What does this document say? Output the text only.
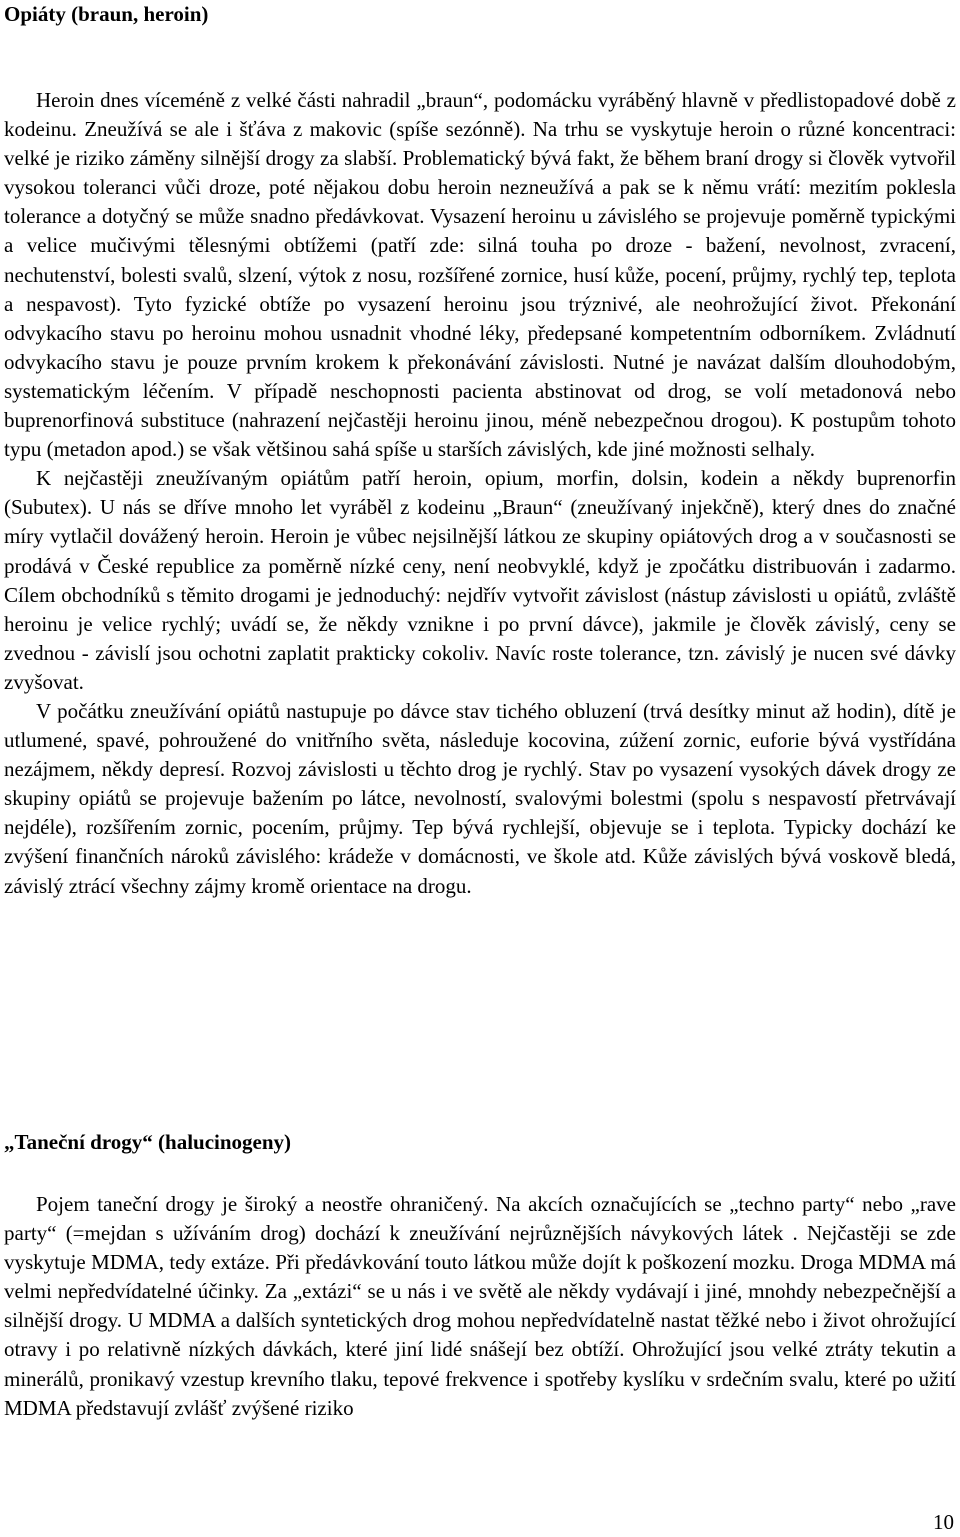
Opiáty (braun, heroin)

Heroin dnes víceméně z velké části nahradil „braun“, podomácku vyráběný hlavně v předlistopadové době z kodeinu. Zneužívá se ale i šťáva z makovic (spíše sezónně). Na trhu se vyskytuje heroin o různé koncentraci: velké je riziko záměny silnější drogy za slabší. Problematický bývá fakt, že během braní drogy si člověk vytvořil vysokou toleranci vůči droze, poté nějakou dobu heroin nezneužívá a pak se k němu vrátí: mezitím poklesla tolerance a dotyčný se může snadno předávkovat. Vysazení heroinu u závislého se projevuje poměrně typickými a velice mučivými tělesnými obtížemi (patří zde: silná touha po droze - bažení, nevolnost, zvracení, nechutenství, bolesti svalů, slzení, výtok z nosu, rozšířené zornice, husí kůže, pocení, průjmy, rychlý tep, teplota a nespavost). Tyto fyzické obtíže po vysazení heroinu jsou trýznivé, ale neohrožující život. Překonání odvykacího stavu po heroinu mohou usnadnit vhodné léky, předepsané kompetentním odborníkem. Zvládnutí odvykacího stavu je pouze prvním krokem k překonávání závislosti. Nutné je navázat dalším dlouhodobým, systematickým léčením. V případě neschopnosti pacienta abstinovat od drog, se volí metadonová nebo buprenorfinová substituce (nahrazení nejčastěji heroinu jinou, méně nebezpečnou drogou). K postupům tohoto typu (metadon apod.) se však většinou sahá spíše u starších závislých, kde jiné možnosti selhaly.

K nejčastěji zneužívaným opiátům patří heroin, opium, morfin, dolsin, kodein a někdy buprenorfin (Subutex). U nás se dříve mnoho let vyráběl z kodeinu „Braun“ (zneužívaný injekčně), který dnes do značné míry vytlačil dovážený heroin. Heroin je vůbec nejsilnější látkou ze skupiny opiátových drog a v současnosti se prodává v České republice za poměrně nízké ceny, není neobvyklé, když je zpočátku distribuován i zadarmo. Cílem obchodníků s těmito drogami je jednoduchý: nejdřív vytvořit závislost (nástup závislosti u opiátů, zvláště heroinu je velice rychlý; uvádí se, že někdy vznikne i po první dávce), jakmile je člověk závislý, ceny se zvednou - závislí jsou ochotni zaplatit prakticky cokoliv. Navíc roste tolerance, tzn. závislý je nucen své dávky zvyšovat.

V počátku zneužívání opiátů nastupuje po dávce stav tichého obluzení (trvá desítky minut až hodin), dítě je utlumené, spavé, pohroužené do vnitřního světa, následuje kocovina, zúžení zornic, euforie bývá vystřídána nezájmem, někdy depresí. Rozvoj závislosti u těchto drog je rychlý. Stav po vysazení vysokých dávek drogy ze skupiny opiátů se projevuje bažením po látce, nevolností, svalovými bolestmi (spolu s nespavostí přetrvávají nejdéle), rozšířením zornic, pocením, průjmy. Tep bývá rychlejší, objevuje se i teplota. Typicky dochází ke zvýšení finančních nároků závislého: krádeže v domácnosti, ve škole atd. Kůže závislých bývá voskově bledá, závislý ztrácí všechny zájmy kromě orientace na drogu.

„Taneční drogy“ (halucinogeny)

Pojem taneční drogy je široký a neostře ohraničený. Na akcích označujících se „techno party“ nebo „rave party“ (=mejdan s užíváním drog) dochází k zneužívání nejrůznějších návykových látek . Nejčastěji se zde vyskytuje MDMA, tedy extáze. Při předávkování touto látkou může dojít k poškození mozku. Droga MDMA má velmi nepředvídatelné účinky. Za „extázi“ se u nás i ve světě ale někdy vydávají i jiné, mnohdy nebezpečnější a silnější drogy. U MDMA a dalších syntetických drog mohou nepředvídatelně nastat těžké nebo i život ohrožující otravy i po relativně nízkých dávkách, které jiní lidé snášejí bez obtíží. Ohrožující jsou velké ztráty tekutin a minerálů, pronikavý vzestup krevního tlaku, tepové frekvence i spotřeby kyslíku v srdečním svalu, které po užití MDMA představují zvlášť zvýšené riziko

10
